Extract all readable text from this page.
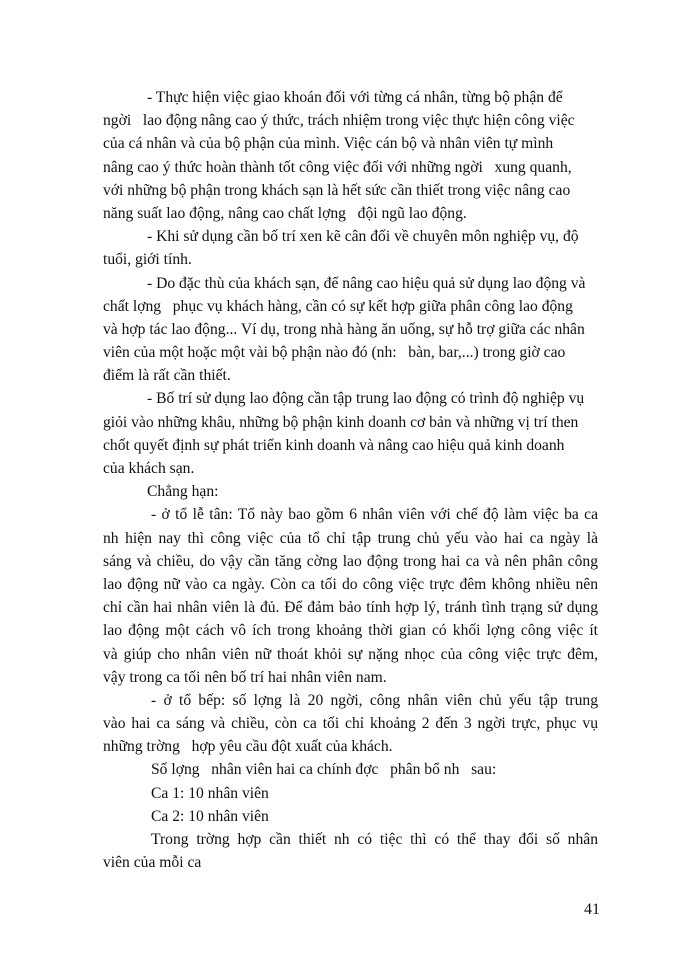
- Thực hiện việc giao khoán đối với từng cá nhân, từng bộ phận để
ngời   lao động nâng cao ý thức, trách nhiệm trong việc thực hiện công việc
của cá nhân và của bộ phận của mình. Việc cán bộ và nhân viên tự mình
nâng cao ý thức hoàn thành tốt công việc đối với những ngời   xung quanh,
với những bộ phận trong khách sạn là hết sức cần thiết trong việc nâng cao
năng suất lao động, nâng cao chất lợng   đội ngũ lao động.
- Khi sử dụng cần bố trí xen kẽ cân đối về chuyên môn nghiệp vụ, độ
tuổi, giới tính.
- Do đặc thù của khách sạn, để nâng cao hiệu quả sử dụng lao động và
chất lợng   phục vụ khách hàng, cần có sự kết hợp giữa phân công lao động
và hợp tác lao động... Ví dụ, trong nhà hàng ăn uống, sự hỗ trợ giữa các nhân
viên của một hoặc một vài bộ phận nào đó (nh:   bàn, bar,...) trong giờ cao
điểm là rất cần thiết.
- Bố trí sử dụng lao động cần tập trung lao động có trình độ nghiệp vụ
giỏi vào những khâu, những bộ phận kinh doanh cơ bản và những vị trí then
chốt quyết định sự phát triển kinh doanh và nâng cao hiệu quả kinh doanh
của khách sạn.
Chẳng hạn:
- ở tổ lễ tân: Tổ này bao gồm 6 nhân viên với chế độ làm việc ba ca
nh hiện nay thì công việc của tổ chỉ tập trung chủ yếu vào hai ca ngày là
sáng và chiều, do vậy cần tăng cờng lao động trong hai ca và nên phân công
lao động nữ vào ca ngày. Còn ca tối do công việc trực đêm không nhiều nên
chỉ cần hai nhân viên là đủ. Để đảm bảo tính hợp lý, tránh tình trạng sử dụng
lao động một cách vô ích trong khoảng thời gian có khối lợng công việc ít
và giúp cho nhân viên nữ thoát khỏi sự nặng nhọc của công việc trực đêm,
vậy trong ca tối nên bố trí hai nhân viên nam.
- ở tổ bếp: số lợng là 20 ngời, công nhân viên chủ yếu tập trung
vào hai ca sáng và chiều, còn ca tối chỉ khoảng 2 đến 3 ngời trực, phục vụ
những trờng   hợp yêu cầu đột xuất của khách.
Số lợng   nhân viên hai ca chính đợc   phân bổ nh   sau:
Ca 1: 10 nhân viên
Ca 2: 10 nhân viên
Trong trờng hợp cần thiết nh có tiệc thì có thể thay đổi số nhân
viên của mỗi ca
41
